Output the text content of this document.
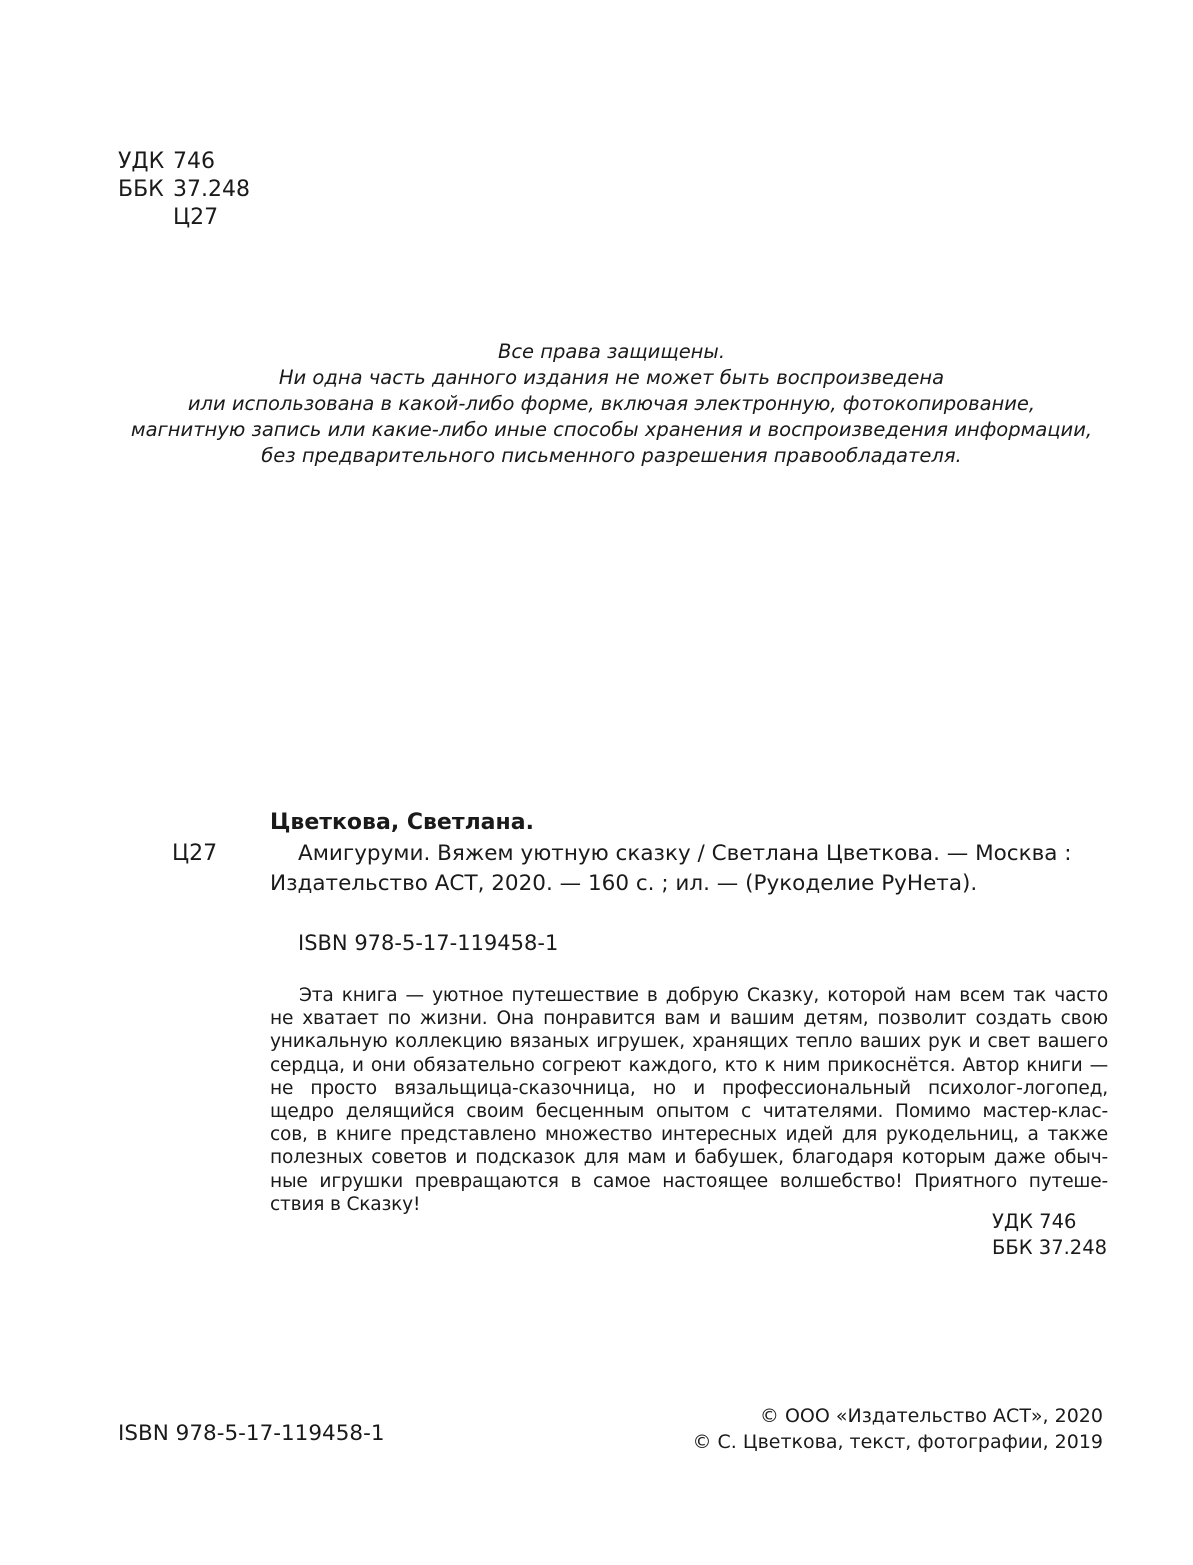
УДК 746
ББК 37.248
Ц27
Все права защищены.
Ни одна часть данного издания не может быть воспроизведена
или использована в какой-либо форме, включая электронную, фотокопирование,
магнитную запись или какие-либо иные способы хранения и воспроизведения информации,
без предварительного письменного разрешения правообладателя.
Цветкова, Светлана.
Ц27	Амигуруми. Вяжем уютную сказку / Светлана Цветкова. — Москва :
Издательство АСТ, 2020. — 160 с. ; ил. — (Рукоделие РуНета).
ISBN 978-5-17-119458-1
Эта книга — уютное путешествие в добрую Сказку, которой нам всем так часто
не хватает по жизни. Она понравится вам и вашим детям, позволит создать свою
уникальную коллекцию вязаных игрушек, хранящих тепло ваших рук и свет вашего
сердца, и они обязательно согреют каждого, кто к ним прикоснётся. Автор книги —
не просто вязальщица-сказочница, но и профессиональный психолог-логопед,
щедро делящийся своим бесценным опытом с читателями. Помимо мастер-клас-
сов, в книге представлено множество интересных идей для рукодельниц, а также
полезных советов и подсказок для мам и бабушек, благодаря которым даже обыч-
ные игрушки превращаются в самое настоящее волшебство! Приятного путеше-
ствия в Сказку!
УДК 746
ББК 37.248
ISBN 978-5-17-119458-1
© ООО «Издательство АСТ», 2020
© С. Цветкова, текст, фотографии, 2019
